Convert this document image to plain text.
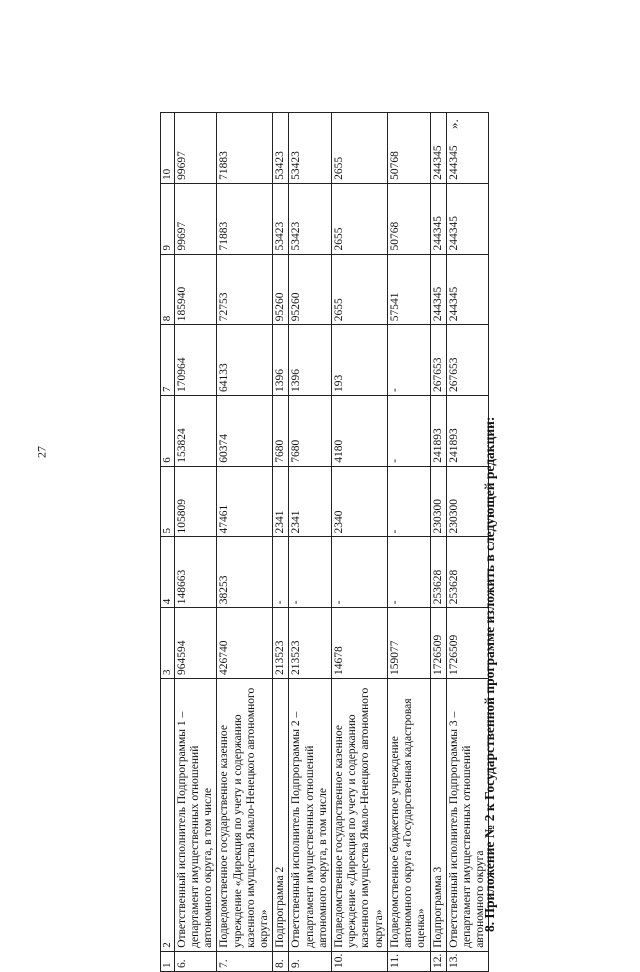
27
1	2	3	4	5	6	7	8	9	10
6.	Ответственный исполнитель Подпрограммы 1 – департамент имущественных отношений автономного округа, в том числе	964594	148663	105809	153824	170964	185940	99697	99697
7.	Подведомственное государственное казенное учреждение «Дирекция по учету и содержанию казенного имущества Ямало-Ненецкого автономного округа»	426740	38253	47461	60374	64133	72753	71883	71883
8.	Подпрограмма 2	213523	-	2341	7680	1396	95260	53423	53423
9.	Ответственный исполнитель Подпрограммы 2 – департамент имущественных отношений автономного округа, в том числе	213523	-	2341	7680	1396	95260	53423	53423
10.	Подведомственное государственное казенное учреждение «Дирекция по учету и содержанию казенного имущества Ямало-Ненецкого автономного округа»	14678	-	2340	4180	193	2655	2655	2655
11.	Подведомственное бюджетное учреждение автономного округа «Государственная кадастровая оценка»	159077	-	-	-	-	57541	50768	50768
12.	Подпрограмма 3	1726509	253628	230300	241893	267653	244345	244345	244345
13.	Ответственный исполнитель Подпрограммы 3 – департамент имущественных отношений автономного округа	1726509	253628	230300	241893	267653	244345	244345	244345
».
8. Приложение № 2 к Государственной программе изложить в следующей редакции:
